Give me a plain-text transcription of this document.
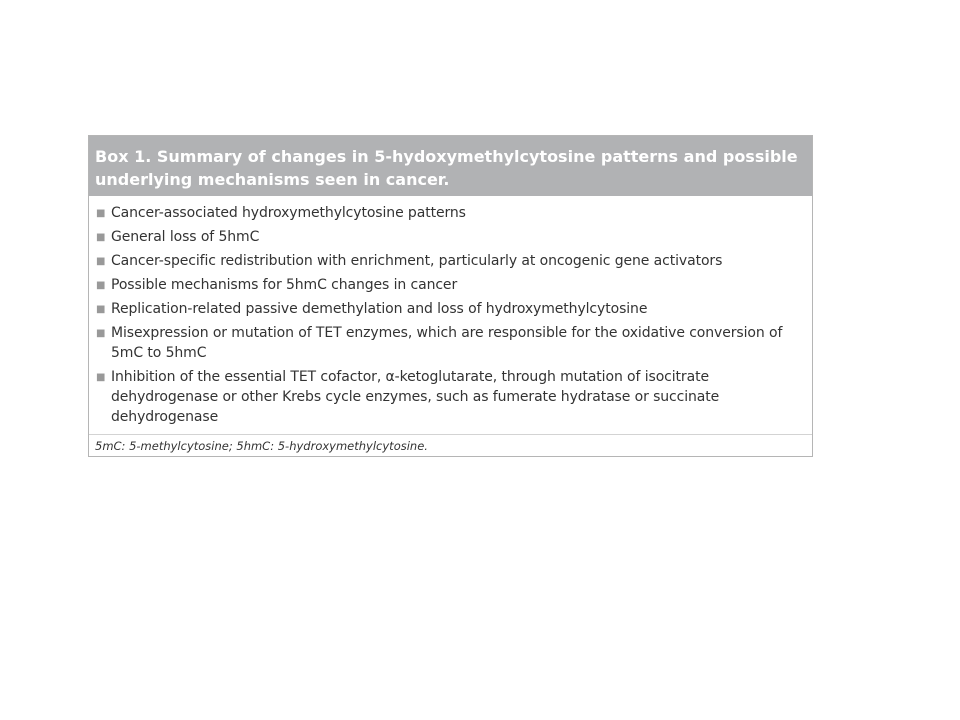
Box 1. Summary of changes in 5-hydoxymethylcytosine patterns and possible underlying mechanisms seen in cancer.
■ Cancer-associated hydroxymethylcytosine patterns
■ General loss of 5hmC
■ Cancer-specific redistribution with enrichment, particularly at oncogenic gene activators
■ Possible mechanisms for 5hmC changes in cancer
■ Replication-related passive demethylation and loss of hydroxymethylcytosine
■ Misexpression or mutation of TET enzymes, which are responsible for the oxidative conversion of 5mC to 5hmC
■ Inhibition of the essential TET cofactor, α-ketoglutarate, through mutation of isocitrate dehydrogenase or other Krebs cycle enzymes, such as fumerate hydratase or succinate dehydrogenase
5mC: 5-methylcytosine; 5hmC: 5-hydroxymethylcytosine.
